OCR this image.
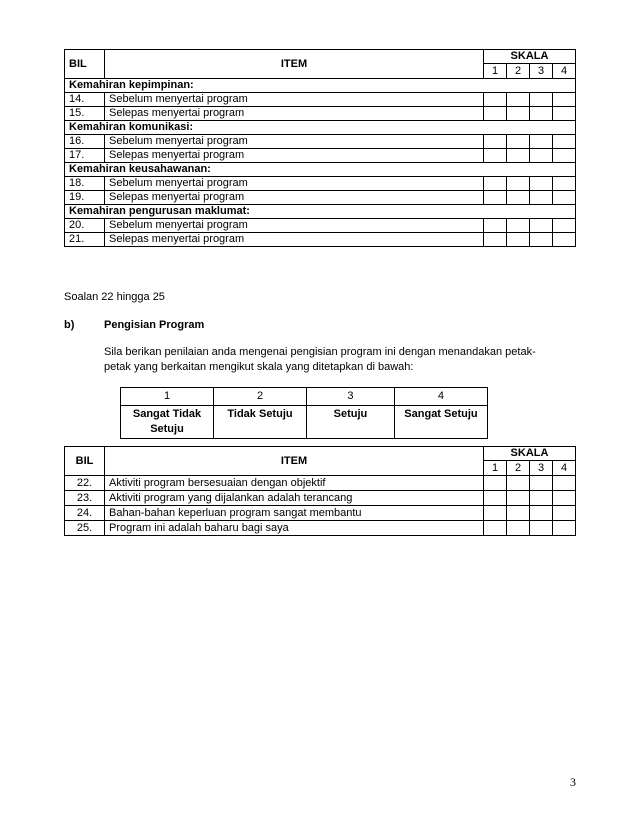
BIL	ITEM	SKALA			
		1	2	3	4
Kemahiran kepimpinan:					
14.	Sebelum menyertai program				
15.	Selepas menyertai program				
Kemahiran komunikasi:					
16.	Sebelum menyertai program				
17.	Selepas menyertai program				
Kemahiran keusahawanan:					
18.	Sebelum menyertai program				
19.	Selepas menyertai program				
Kemahiran pengurusan maklumat:					
20.	Sebelum menyertai program				
21.	Selepas menyertai program				
Soalan 22 hingga 25
b)	Pengisian Program
Sila berikan penilaian anda mengenai pengisian program ini dengan menandakan petak-
petak yang berkaitan mengikut skala yang ditetapkan di bawah:
1	2	3	4
Sangat Tidak Setuju	Tidak Setuju	Setuju	Sangat Setuju
BIL	ITEM	SKALA			
		1	2	3	4
22.	Aktiviti program bersesuaian dengan objektif				
23.	Aktiviti program yang dijalankan adalah terancang				
24.	Bahan-bahan keperluan program sangat membantu				
25.	Program ini adalah baharu bagi saya				
3
